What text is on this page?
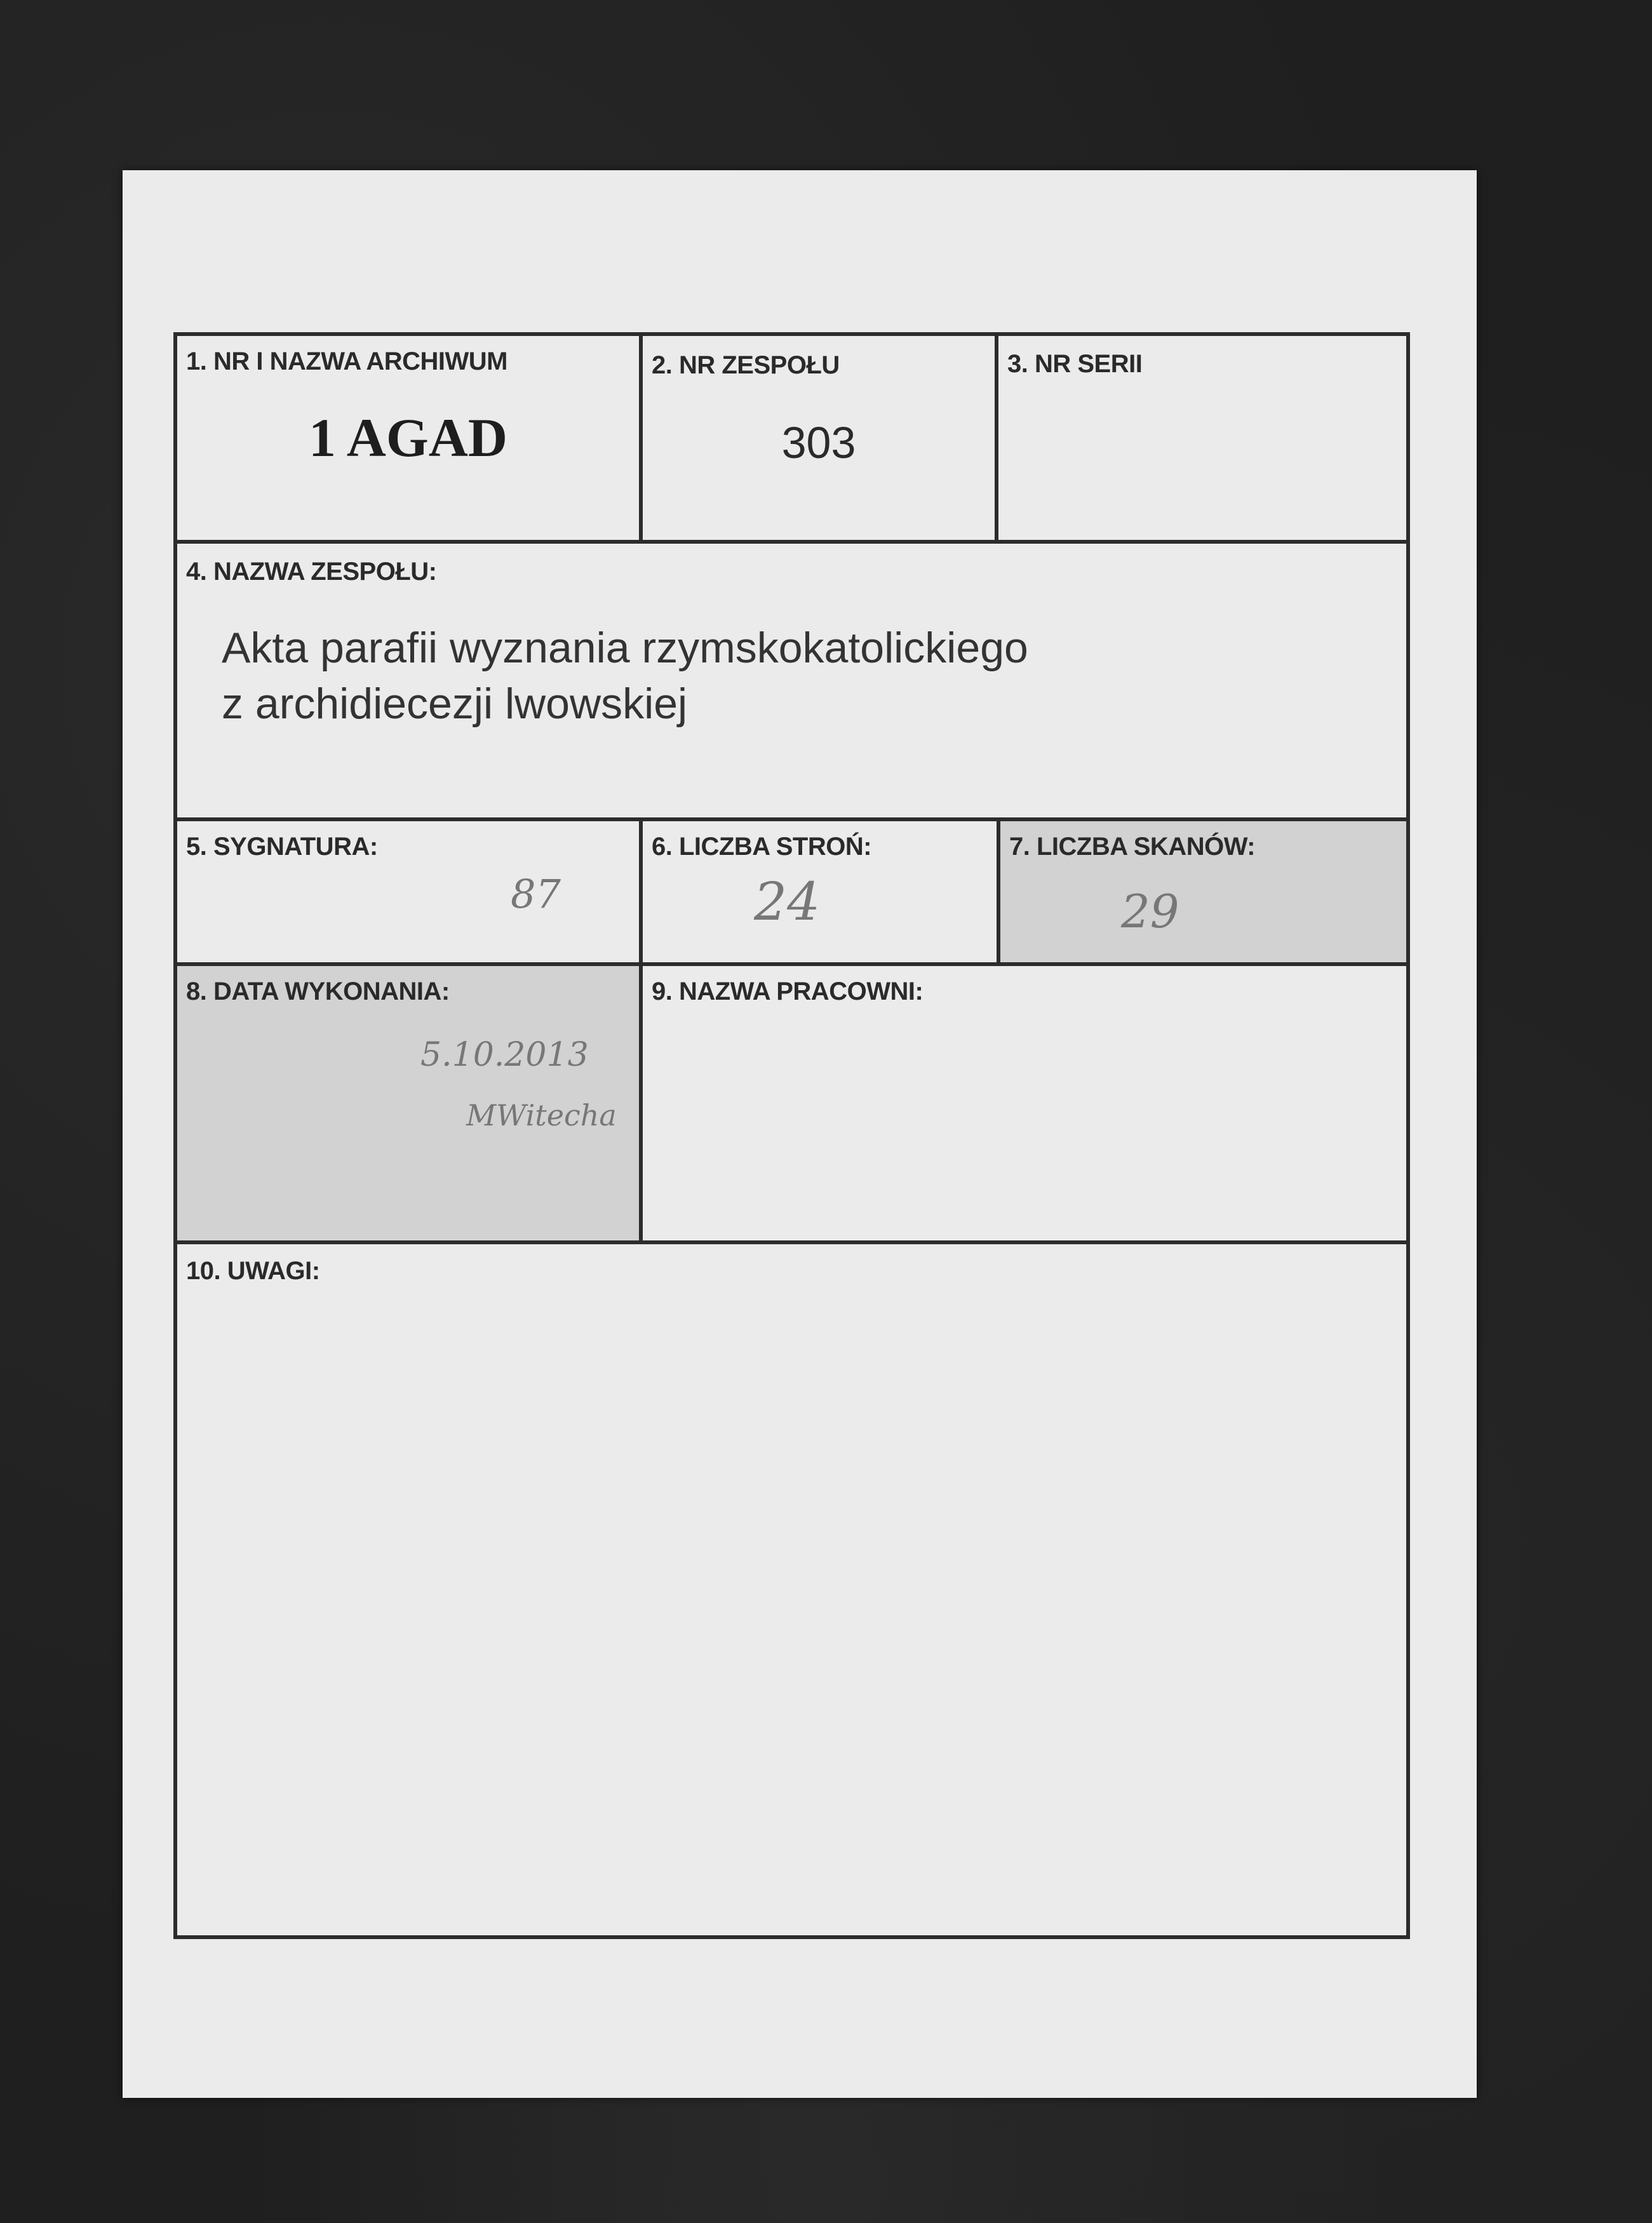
1. NR I NAZWA ARCHIWUM
1 AGAD
2. NR ZESPOŁU
303
3. NR SERII
4. NAZWA ZESPOŁU:
Akta parafii wyznania rzymskokatolickiego
z archidiecezji lwowskiej
5. SYGNATURA:
87
6. LICZBA STROŃ:
24
7. LICZBA SKANÓW:
29
8. DATA WYKONANIA:
5.10.2013
MWitecha
9. NAZWA PRACOWNI:
10. UWAGI:
